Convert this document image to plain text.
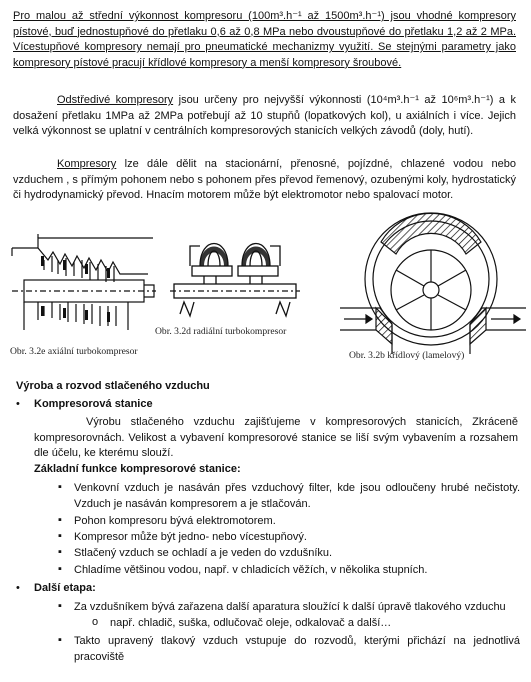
Pro malou až střední výkonnost kompresoru (100m³.h⁻¹ až 1500m³.h⁻¹) jsou vhodné kompresory pístové, buď jednostupňové do přetlaku 0,6 až 0,8 MPa nebo dvoustupňové do přetlaku 1,2 až 2 MPa. Vícestupňové kompresory nemají pro pneumatické mechanizmy využití. Se stejnými parametry jako kompresory pístové pracují křídlové kompresory a menší kompresory šroubové.

Odstředivé kompresory jsou určeny pro nejvyšší výkonnosti (10⁴m³.h⁻¹ až 10⁶m³.h⁻¹) a k dosažení přetlaku 1MPa až 2MPa potřebují až 10 stupňů (lopatkových kol), u axiálních i více. Jejich velká výkonnost se uplatní v centrálních kompresorových stanicích velkých závodů (doly, hutí).

Kompresory lze dále dělit na stacionární, přenosné, pojízdné, chlazené vodou nebo vzduchem , s přímým pohonem nebo s pohonem přes převod řemenový, ozubenými koly, hydrostatický či hydrodynamický převod. Hnacím motorem může být elektromotor nebo spalovací motor.

Obr. 3.2e axiální turbokompresor
Obr. 3.2d radiální turbokompresor
Obr. 3.2b křídlový (lamelový)
Výroba a rozvod stlačeného vzduchu
• Kompresorová stanice

Výrobu stlačeného vzduchu zajišťujeme v kompresorových stanicích, Zkráceně kompresorovnách. Velikost a vybavení kompresorové stanice se liší svým vybavením a rozsahem dle účelu, ke kterému slouží.

Základní funkce kompresorové stanice:
▪ Venkovní vzduch je nasáván přes vzduchový filter, kde jsou odloučeny hrubé nečistoty. Vzduch je nasáván kompresorem a je stlačován.

▪ Pohon kompresoru bývá elektromotorem.

▪ Kompresor může být jedno- nebo vícestupňový.

▪ Stlačený vzduch se ochladí a je veden do vzdušníku.

▪ Chladíme většinou vodou, např. v chladicích věžích, v několika stupních.

• Další etapa:
▪ Za vzdušníkem bývá zařazena další aparatura sloužící k další úpravě tlakového vzduchu

o např. chladič, suška, odlučovač oleje, odkalovač a další…

▪ Takto upravený tlakový vzduch vstupuje do rozvodů, kterými přichází na jednotlivá pracoviště
